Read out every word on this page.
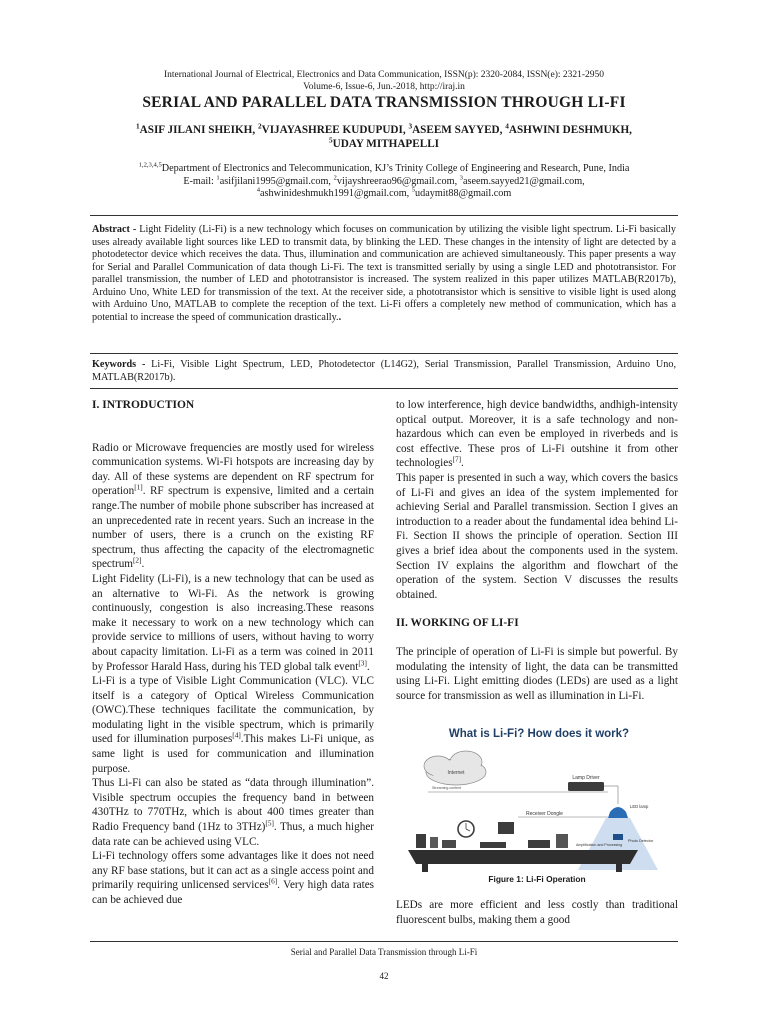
International Journal of Electrical, Electronics and Data Communication, ISSN(p): 2320-2084, ISSN(e): 2321-2950
Volume-6, Issue-6, Jun.-2018, http://iraj.in
SERIAL AND PARALLEL DATA TRANSMISSION THROUGH LI-FI
$^1$ASIF JILANI SHEIKH, $^2$VIJAYASHREE KUDUPUDI, $^3$ASEEM SAYYED, $^4$ASHWINI DESHMUKH,
$^5$UDAY MITHAPELLI
$^{1,2,3,4,5}$Department of Electronics and Telecommunication, KJ’s Trinity College of Engineering and Research, Pune, India
E-mail: $^1$asifjilani1995@gmail.com, $^2$vijayshreerao96@gmail.com, $^3$aseem.sayyed21@gmail.com,
$^4$ashwinideshmukh1991@gmail.com, $^5$udaymit88@gmail.com
Abstract - Light Fidelity (Li-Fi) is a new technology which focuses on communication by utilizing the visible light spectrum. Li-Fi basically uses already available light sources like LED to transmit data, by blinking the LED. These changes in the intensity of light are detected by a photodetector device which receives the data. Thus, illumination and communication are achieved simultaneously. This paper presents a way for Serial and Parallel Communication of data though Li-Fi. The text is transmitted serially by using a single LED and phototransistor. For parallel transmission, the number of LED and phototransistor is increased. The system realized in this paper utilizes MATLAB(R2017b), Arduino Uno, White LED for transmission of the text. At the receiver side, a phototransistor which is sensitive to visible light is used along with Arduino Uno, MATLAB to complete the reception of the text. Li-Fi offers a completely new method of communication, which has a potential to increase the speed of communication drastically..
Keywords - Li-Fi, Visible Light Spectrum, LED, Photodetector (L14G2), Serial Transmission, Parallel Transmission, Arduino Uno, MATLAB(R2017b).

I. INTRODUCTION

Radio or Microwave frequencies are mostly used for wireless communication systems. Wi-Fi hotspots are increasing day by day. All of these systems are dependent on RF spectrum for operation[1]. RF spectrum is expensive, limited and a certain range.The number of mobile phone subscriber has increased at an unprecedented rate in recent years. Such an increase in the number of users, there is a crunch on the existing RF spectrum, thus affecting the capacity of the electromagnetic spectrum[2].

Light Fidelity (Li-Fi), is a new technology that can be used as an alternative to Wi-Fi. As the network is growing continuously, congestion is also increasing.These reasons make it necessary to work on a new technology which can provide service to millions of users, without having to worry about capacity limitation. Li-Fi as a term was coined in 2011 by Professor Harald Hass, during his TED global talk event[3].

Li-Fi is a type of Visible Light Communication (VLC). VLC itself is a category of Optical Wireless Communication (OWC).These techniques facilitate the communication, by modulating light in the visible spectrum, which is primarily used for illumination purposes[4].This makes Li-Fi unique, as same light is used for communication and illumination purpose.

Thus Li-Fi can also be stated as “data through illumination”. Visible spectrum occupies the frequency band in between 430THz to 770THz, which is about 400 times greater than Radio Frequency band (1Hz to 3THz)[5]. Thus, a much higher data rate can be achieved using VLC.

Li-Fi technology offers some advantages like it does not need any RF base stations, but it can act as a single access point and primarily requiring unlicensed services[6]. Very high data rates can be achieved due

to low interference, high device bandwidths, andhigh-intensity optical output. Moreover, it is a safe technology and non-hazardous which can even be employed in riverbeds and is cost effective. These pros of Li-Fi outshine it from other technologies[7].

This paper is presented in such a way, which covers the basics of Li-Fi and gives an idea of the system implemented for achieving Serial and Parallel transmission. Section I gives an introduction to a reader about the fundamental idea behind Li-Fi. Section II shows the principle of operation. Section III gives a brief idea about the components used in the system. Section IV explains the algorithm and flowchart of the operation of the system. Section V discusses the results obtained.

II. WORKING OF LI-FI

The principle of operation of Li-Fi is simple but powerful. By modulating the intensity of light, the data can be transmitted using Li-Fi. Light emitting diodes (LEDs) are used as a light source for transmission as well as illumination in Li-Fi.

What is Li-Fi? How does it work?
Internet
Streaming content
Lamp Driver
LED lamp
Receiver Dongle
Photo Detector
Amplification and Processing
Figure 1: Li-Fi Operation

LEDs are more efficient and less costly than traditional fluorescent bulbs, making them a good

Serial and Parallel Data Transmission through Li-Fi
42
